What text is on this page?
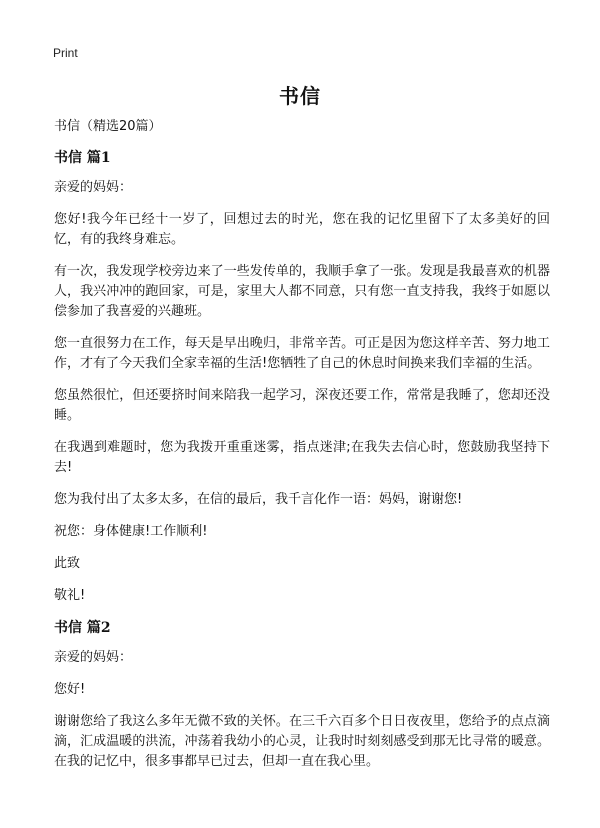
Print
书信
书信（精选20篇）
书信 篇1

亲爱的妈妈：

您好!我今年已经十一岁了，回想过去的时光，您在我的记忆里留下了太多美好的回忆，有的我终身难忘。

有一次，我发现学校旁边来了一些发传单的，我顺手拿了一张。发现是我最喜欢的机器人，我兴冲冲的跑回家，可是，家里大人都不同意，只有您一直支持我，我终于如愿以偿参加了我喜爱的兴趣班。

您一直很努力在工作，每天是早出晚归，非常辛苦。可正是因为您这样辛苦、努力地工作，才有了今天我们全家幸福的生活!您牺牲了自己的休息时间换来我们幸福的生活。

您虽然很忙，但还要挤时间来陪我一起学习，深夜还要工作，常常是我睡了，您却还没睡。

在我遇到难题时，您为我拨开重重迷雾，指点迷津;在我失去信心时，您鼓励我坚持下去!

您为我付出了太多太多，在信的最后，我千言化作一语：妈妈，谢谢您!

祝您：身体健康!工作顺利!

此致

敬礼!

书信 篇2

亲爱的妈妈：

您好!

谢谢您给了我这么多年无微不致的关怀。在三千六百多个日日夜夜里，您给予的点点滴滴，汇成温暖的洪流，冲荡着我幼小的心灵，让我时时刻刻感受到那无比寻常的暖意。在我的记忆中，很多事都早已过去，但却一直在我心里。
